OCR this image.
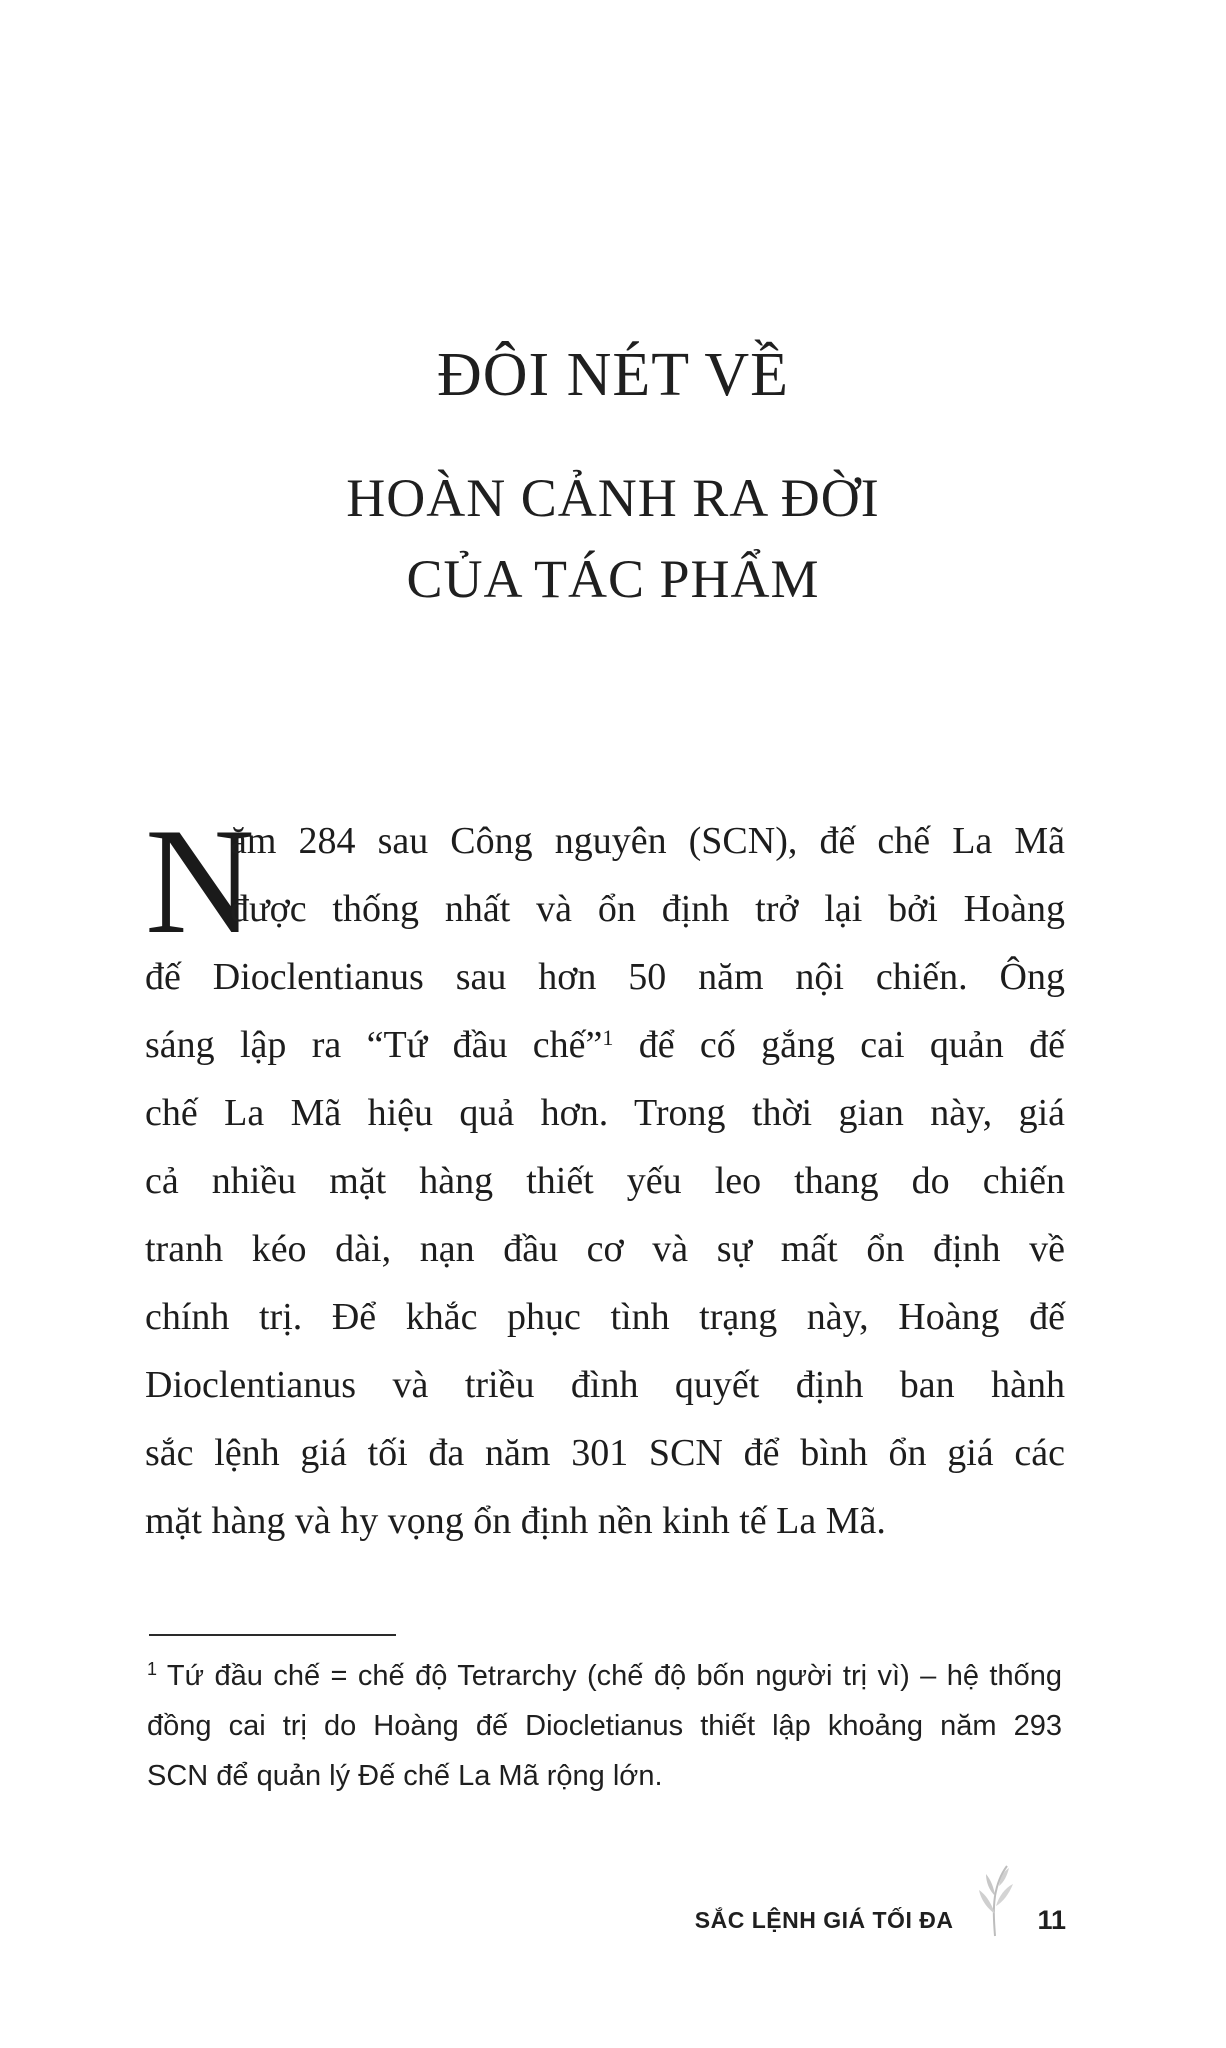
ĐÔI NÉT VỀ
HOÀN CẢNH RA ĐỜI
CỦA TÁC PHẨM
N
ăm 284 sau Công nguyên (SCN), đế chế La Mã
được thống nhất và ổn định trở lại bởi Hoàng
đế Dioclentianus sau hơn 50 năm nội chiến. Ông
sáng lập ra “Tứ đầu chế”$^1$ để cố gắng cai quản đế
chế La Mã hiệu quả hơn. Trong thời gian này, giá
cả nhiều mặt hàng thiết yếu leo thang do chiến
tranh kéo dài, nạn đầu cơ và sự mất ổn định về
chính trị. Để khắc phục tình trạng này, Hoàng đế
Dioclentianus và triều đình quyết định ban hành
sắc lệnh giá tối đa năm 301 SCN để bình ổn giá các
mặt hàng và hy vọng ổn định nền kinh tế La Mã.
$^1$ Tứ đầu chế = chế độ Tetrarchy (chế độ bốn người trị vì) – hệ thống
đồng cai trị do Hoàng đế Diocletianus thiết lập khoảng năm 293
SCN để quản lý Đế chế La Mã rộng lớn.
SẮC LỆNH GIÁ TỐI ĐA	11
